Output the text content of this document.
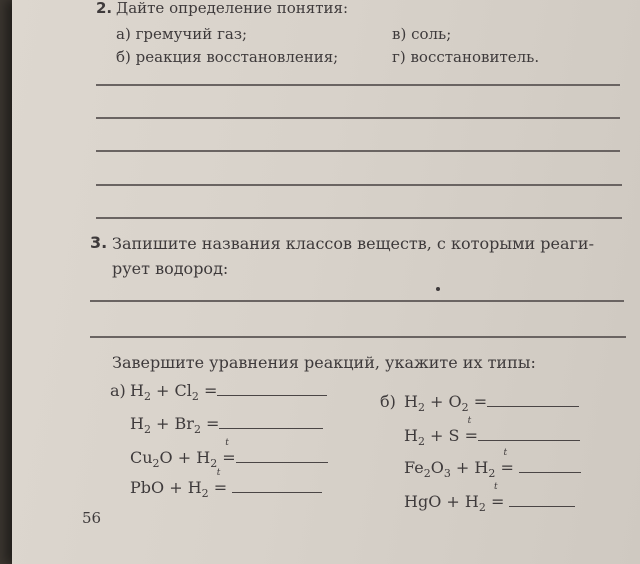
2. Дайте определение понятия:
а) гремучий газ;	в) соль;
б) реакция восстановления;	г) восстановитель.
3. Запишите названия классов веществ, с которыми реаги-
рует водород:
Завершите уравнения реакций, укажите их типы:
а) $H_2 + Cl_2$ =
$H_2 + Br_2$ =
$Cu_2O + H_2$
t
=
PbO + $H_2$
t
=
б) $H_2 + O_2$ =
$H_2 + S$
t
=
$Fe_2O_3 + H_2$
t
=
HgO + $H_2$
t
=
56
